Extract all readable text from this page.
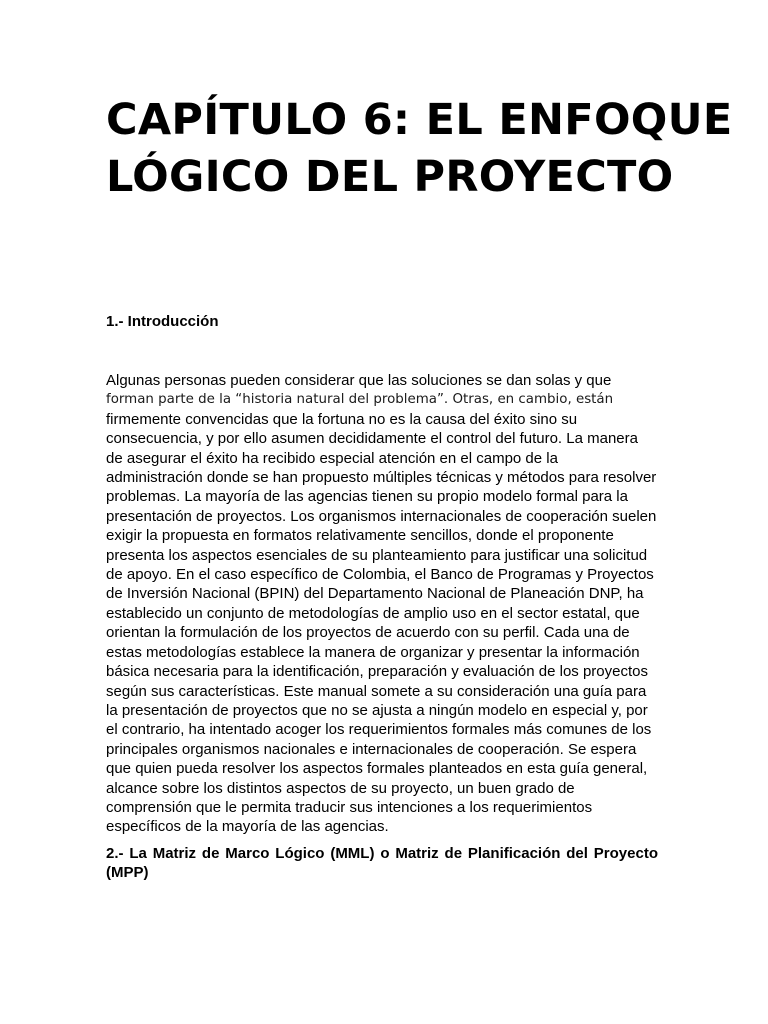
CAPÍTULO 6: EL ENFOQUE
LÓGICO DEL PROYECTO
1.- Introducción
Algunas personas pueden considerar que las soluciones se dan solas y que
forman parte de la “historia natural del problema”. Otras, en cambio, están
firmemente convencidas que la fortuna no es la causa del éxito sino su
consecuencia, y por ello asumen decididamente el control del futuro. La manera
de asegurar el éxito ha recibido especial atención en el campo de la
administración donde se han propuesto múltiples técnicas y métodos para resolver
problemas. La mayoría de las agencias tienen su propio modelo formal para la
presentación de proyectos. Los organismos internacionales de cooperación suelen
exigir la propuesta en formatos relativamente sencillos, donde el proponente
presenta los aspectos esenciales de su planteamiento para justificar una solicitud
de apoyo. En el caso específico de Colombia, el Banco de Programas y Proyectos
de Inversión Nacional (BPIN) del Departamento Nacional de Planeación DNP, ha
establecido un conjunto de metodologías de amplio uso en el sector estatal, que
orientan la formulación de los proyectos de acuerdo con su perfil. Cada una de
estas metodologías establece la manera de organizar y presentar la información
básica necesaria para la identificación, preparación y evaluación de los proyectos
según sus características. Este manual somete a su consideración una guía para
la presentación de proyectos que no se ajusta a ningún modelo en especial y, por
el contrario, ha intentado acoger los requerimientos formales más comunes de los
principales organismos nacionales e internacionales de cooperación. Se espera
que quien pueda resolver los aspectos formales planteados en esta guía general,
alcance sobre los distintos aspectos de su proyecto, un buen grado de
comprensión que le permita traducir sus intenciones a los requerimientos
específicos de la mayoría de las agencias.
2.- La Matriz de Marco Lógico (MML) o Matriz de Planificación del Proyecto (MPP)
